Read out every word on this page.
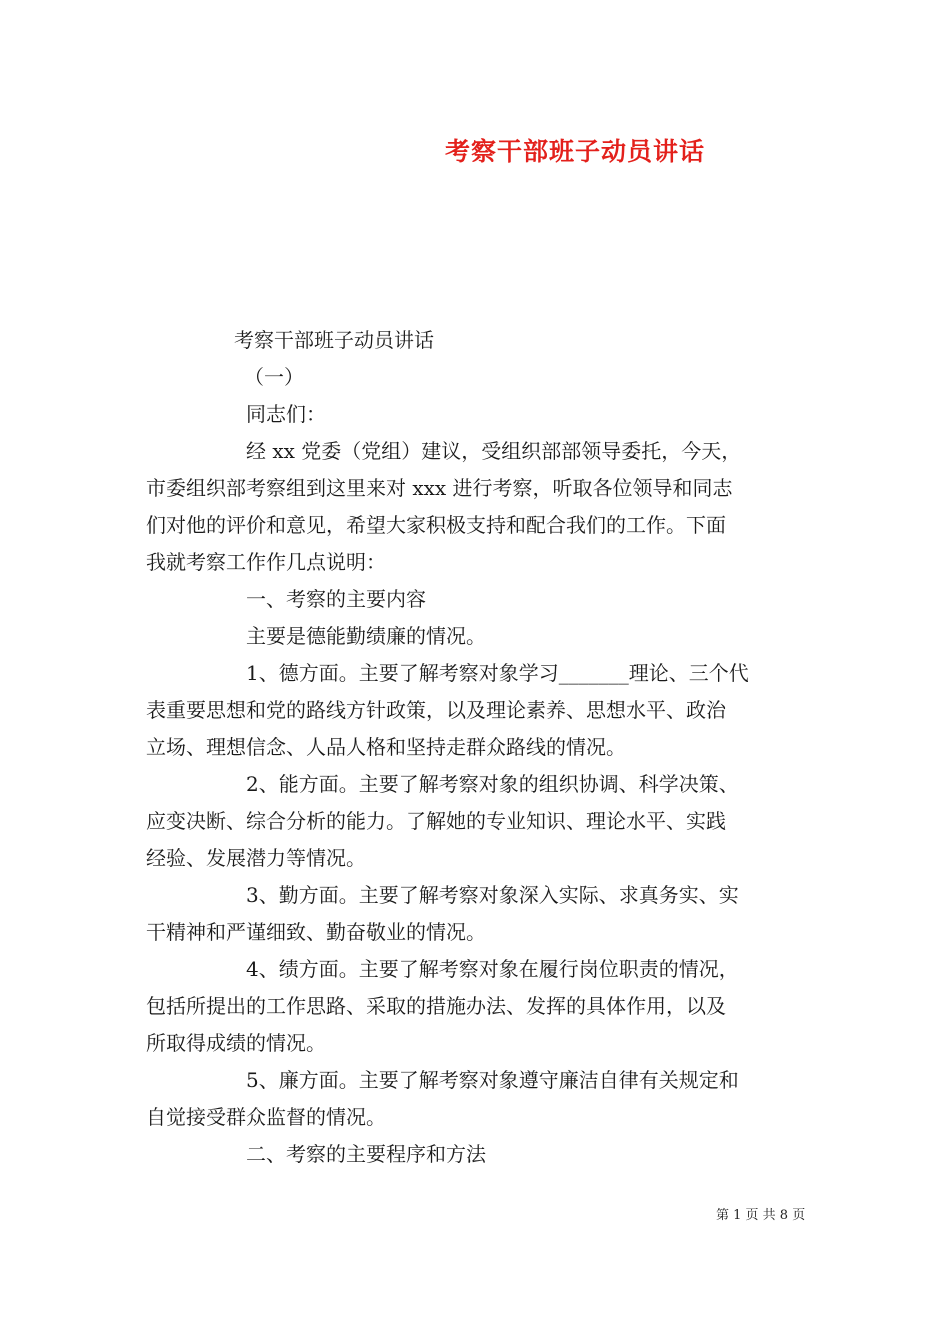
考察干部班子动员讲话
考察干部班子动员讲话
（一）
同志们：
经 xx 党委（党组）建议，受组织部部领导委托，今天，
市委组织部考察组到这里来对 xxx 进行考察，听取各位领导和同志
们对他的评价和意见，希望大家积极支持和配合我们的工作。下面
我就考察工作作几点说明：
一、考察的主要内容
主要是德能勤绩廉的情况。
1、德方面。主要了解考察对象学习_______理论、三个代
表重要思想和党的路线方针政策，以及理论素养、思想水平、政治
立场、理想信念、人品人格和坚持走群众路线的情况。
2、能方面。主要了解考察对象的组织协调、科学决策、
应变决断、综合分析的能力。了解她的专业知识、理论水平、实践
经验、发展潜力等情况。
3、勤方面。主要了解考察对象深入实际、求真务实、实
干精神和严谨细致、勤奋敬业的情况。
4、绩方面。主要了解考察对象在履行岗位职责的情况，
包括所提出的工作思路、采取的措施办法、发挥的具体作用，以及
所取得成绩的情况。
5、廉方面。主要了解考察对象遵守廉洁自律有关规定和
自觉接受群众监督的情况。
二、考察的主要程序和方法
第 1 页 共 8 页
